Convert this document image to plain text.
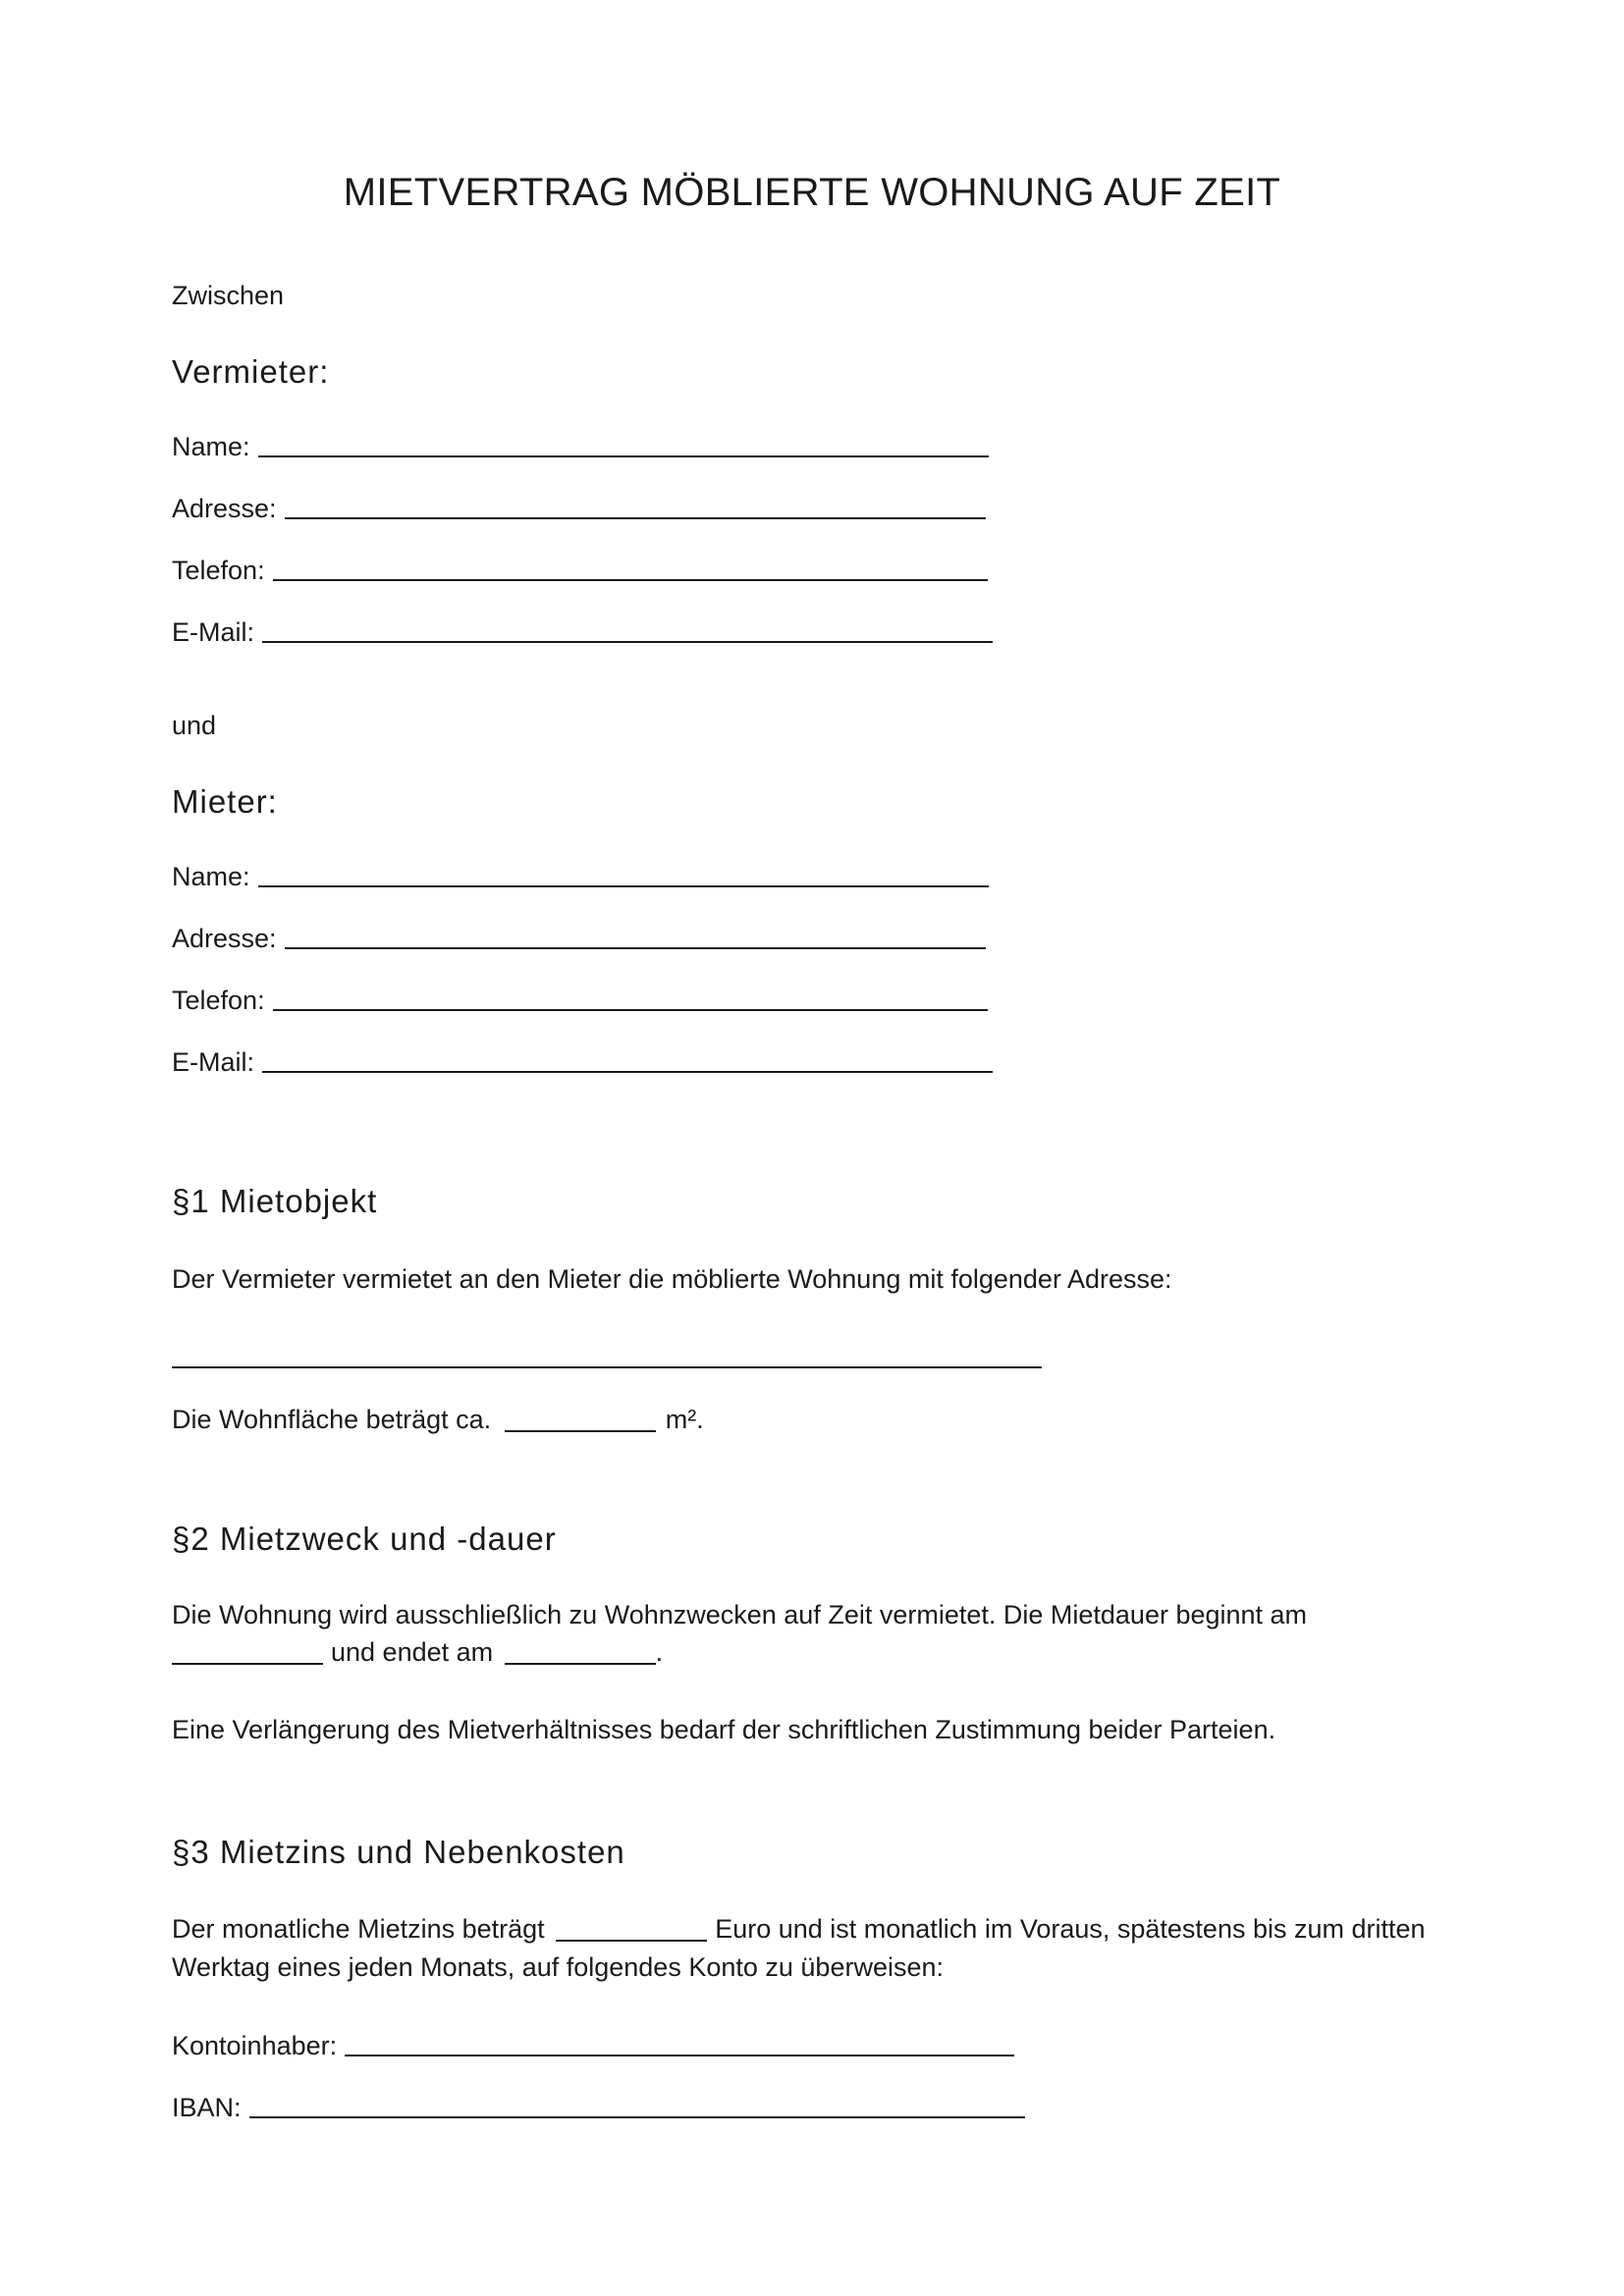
MIETVERTRAG MÖBLIERTE WOHNUNG AUF ZEIT
Zwischen
Vermieter:
Name:
Adresse:
Telefon:
E-Mail:
und
Mieter:
Name:
Adresse:
Telefon:
E-Mail:
§1 Mietobjekt
Der Vermieter vermietet an den Mieter die möblierte Wohnung mit folgender Adresse:
Die Wohnfläche beträgt ca.	m².
§2 Mietzweck und -dauer
Die Wohnung wird ausschließlich zu Wohnzwecken auf Zeit vermietet. Die Mietdauer beginnt am
und endet am	.
Eine Verlängerung des Mietverhältnisses bedarf der schriftlichen Zustimmung beider Parteien.
§3 Mietzins und Nebenkosten
Der monatliche Mietzins beträgt	Euro und ist monatlich im Voraus, spätestens bis zum dritten
Werktag eines jeden Monats, auf folgendes Konto zu überweisen:
Kontoinhaber:
IBAN:
